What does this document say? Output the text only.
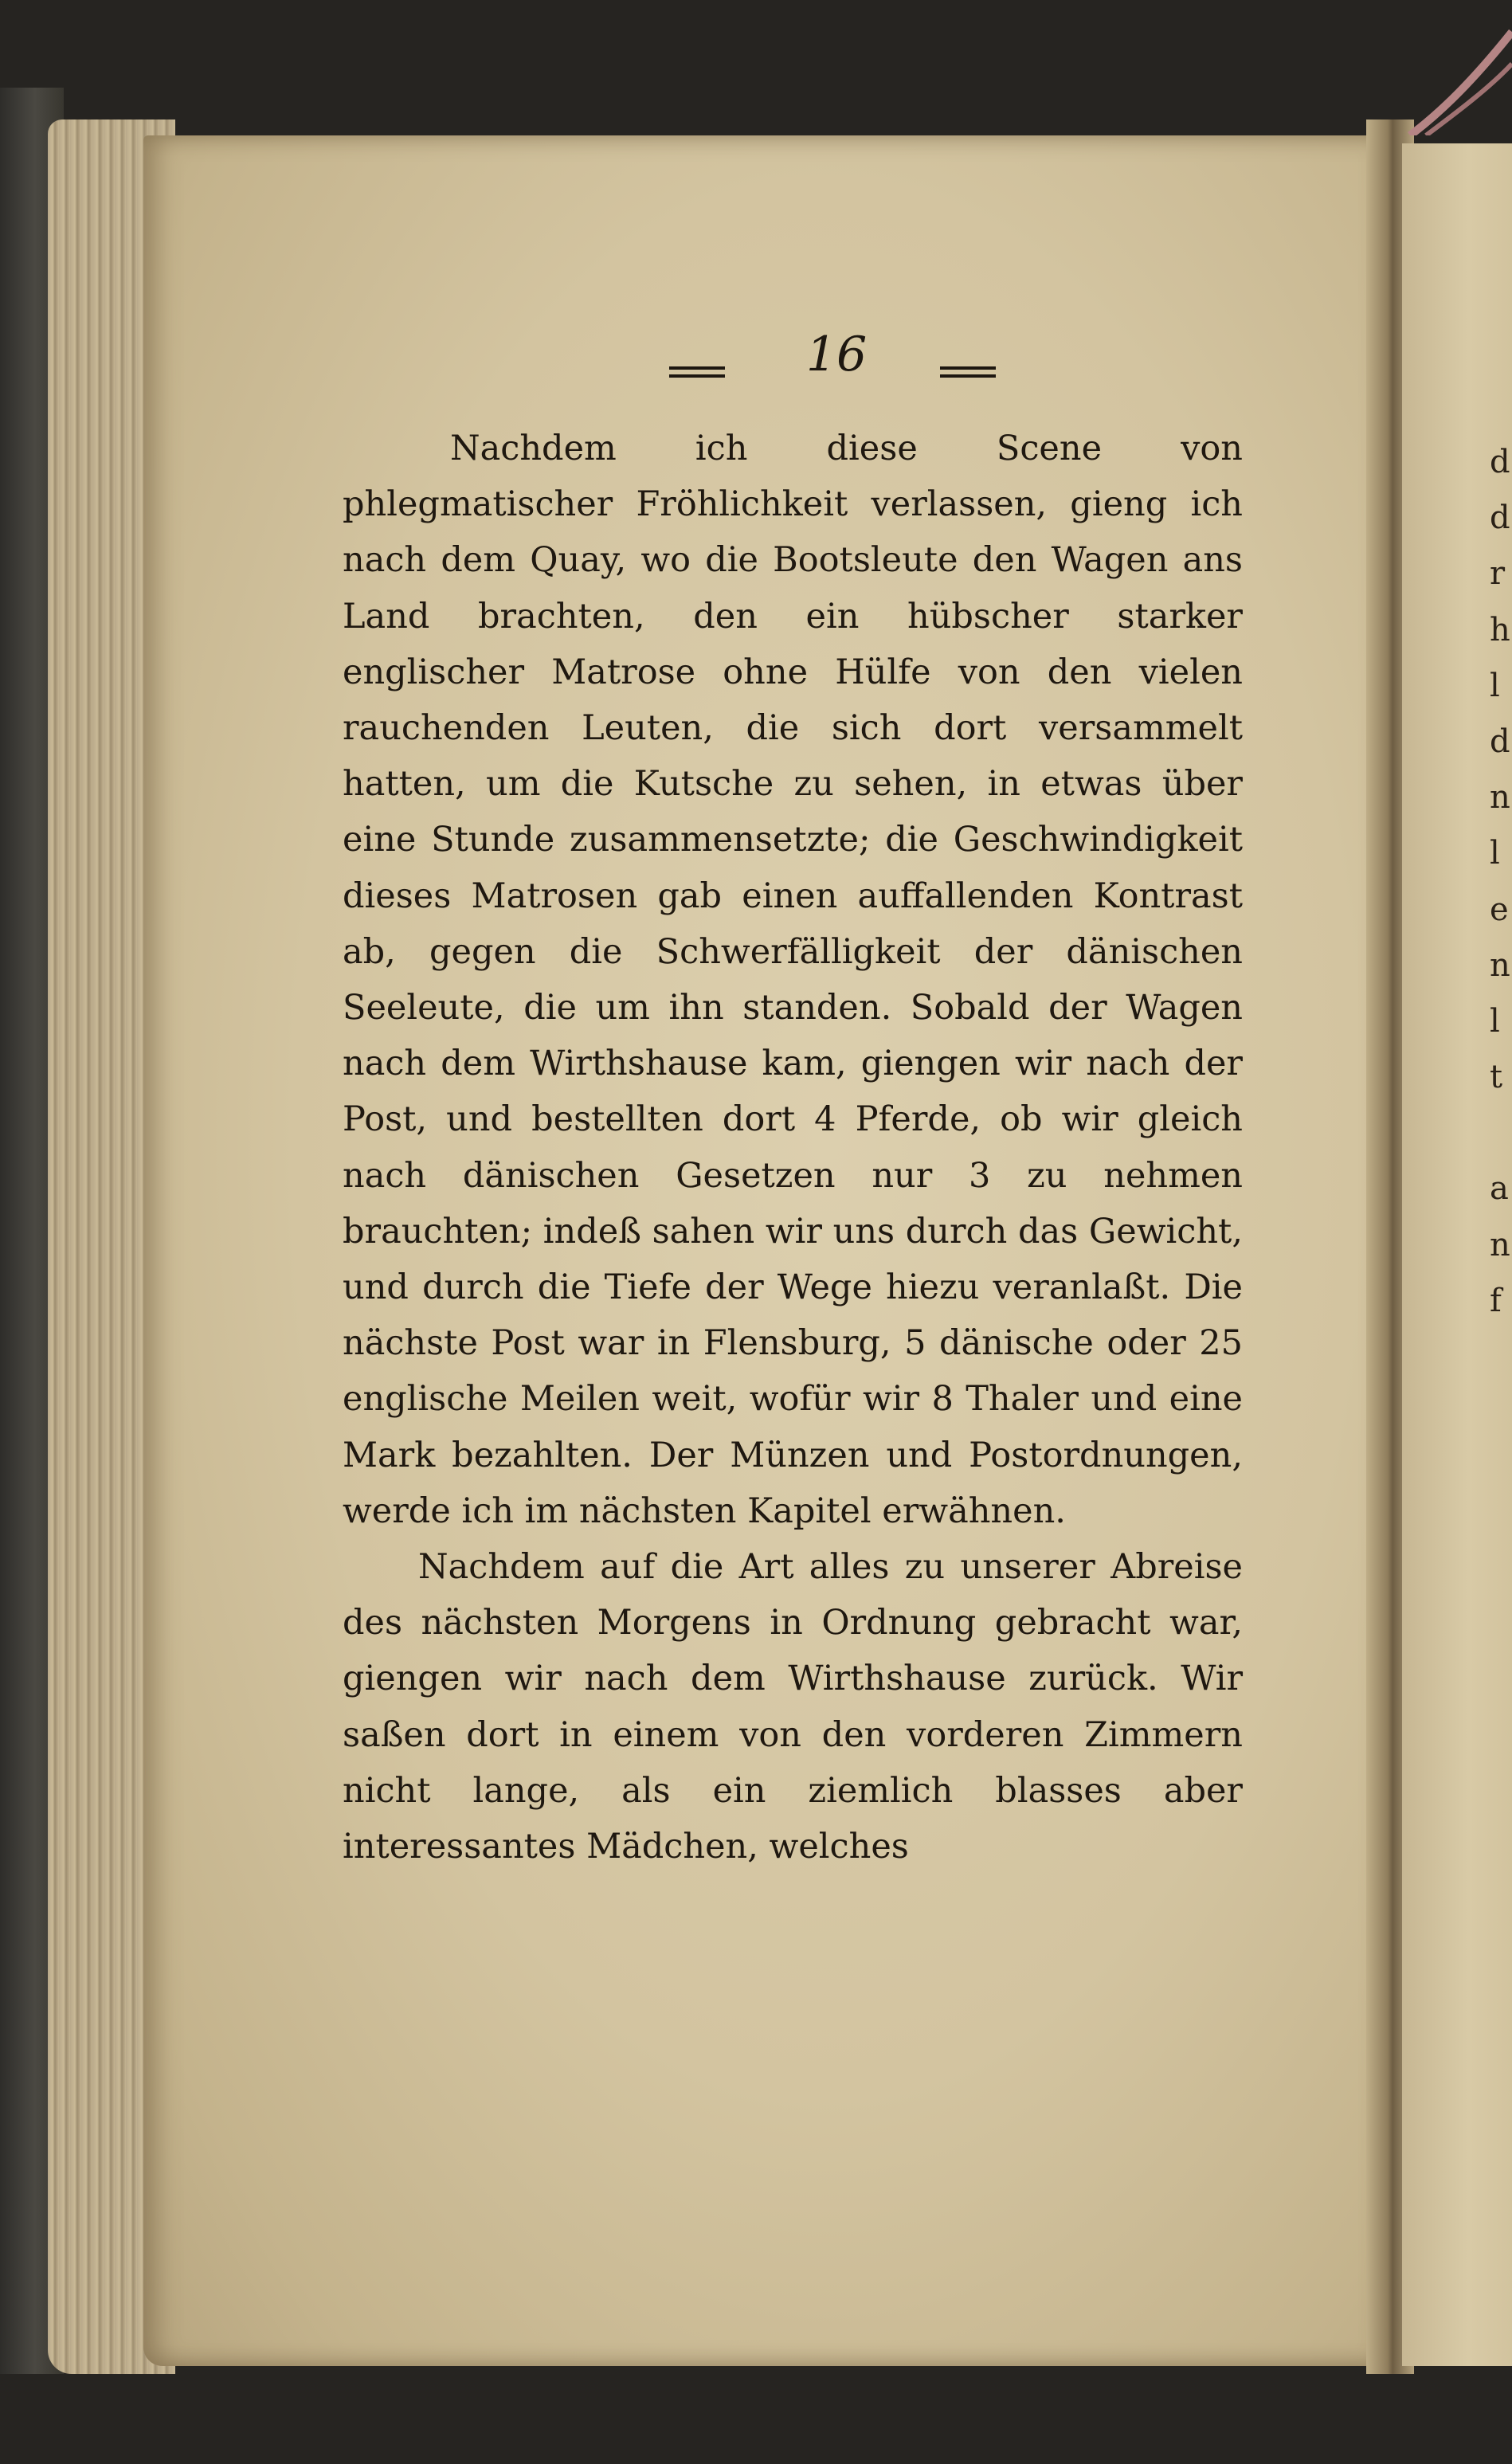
16

Nachdem ich diese Scene von phlegmatischer Fröhlichkeit verlassen, gieng ich nach dem Quay, wo die Bootsleute den Wagen ans Land brachten, den ein hübscher starker englischer Matrose ohne Hülfe von den vielen rauchenden Leuten, die sich dort versammelt hatten, um die Kutsche zu sehen, in etwas über eine Stunde zusammensetzte; die Geschwindigkeit dieses Matrosen gab einen auffallenden Kontrast ab, gegen die Schwerfälligkeit der dänischen Seeleute, die um ihn standen. Sobald der Wagen nach dem Wirthshause kam, giengen wir nach der Post, und bestellten dort 4 Pferde, ob wir gleich nach dänischen Gesetzen nur 3 zu nehmen brauchten; indeß sahen wir uns durch das Gewicht, und durch die Tiefe der Wege hiezu veranlaßt. Die nächste Post war in Flensburg, 5 dänische oder 25 englische Meilen weit, wofür wir 8 Thaler und eine Mark bezahlten. Der Münzen und Postordnungen, werde ich im nächsten Kapitel erwähnen.

Nachdem auf die Art alles zu unserer Abreise des nächsten Morgens in Ordnung gebracht war, giengen wir nach dem Wirthshause zurück. Wir saßen dort in einem von den vorderen Zimmern nicht lange, als ein ziemlich blasses aber interessantes Mädchen, welches

d
d
r
h
l
d
n
l
e
n
l
t
a
n
f
